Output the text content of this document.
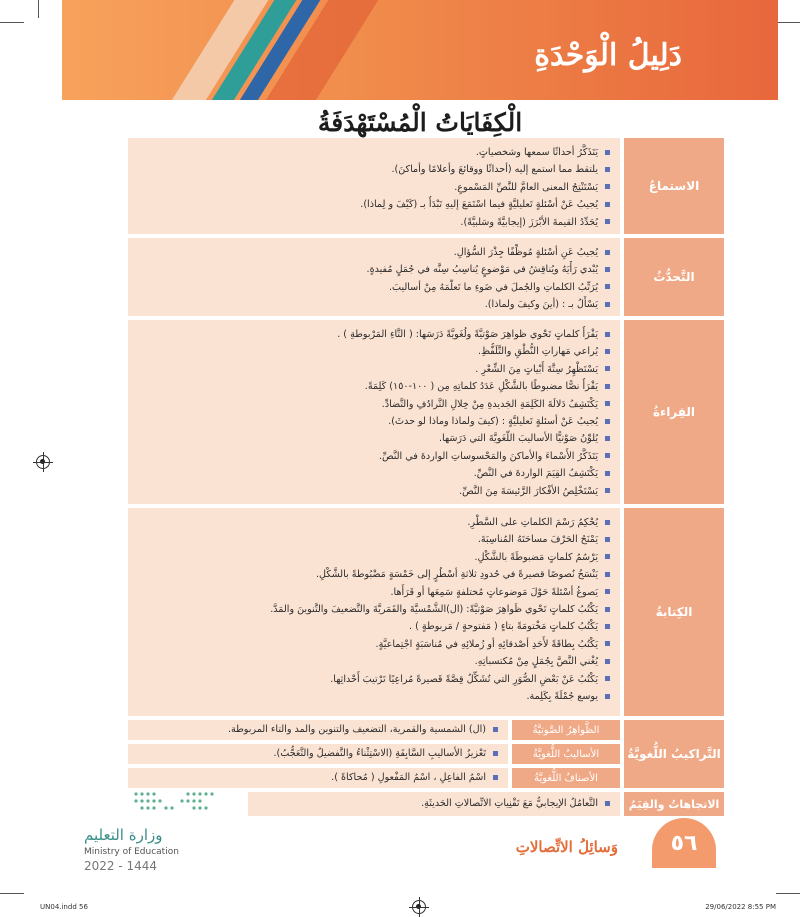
دَلِيلُ الْوَحْدَةِ
الْكِفَايَاتُ الْمُسْتَهْدَفَةُ
الاستماعُ
يَتَذَكَّرُ أحداثًا سمعها وشخصياتٍ.
يلتقط مما استمع إليه (أحداثًا ووقائعَ وأعلامًا وأماكنَ).
يَسْتَنْتِجُ المعنى العامَّ للنَّصِّ المَسْموعِ.
يُجيبُ عَنْ أسْئلةٍ تَعليليَّةٍ فيما اسْتَمَعَ إليهِ تَبْدَأُ بـ (كَيْفَ و لِماذا).
يُحَدِّدُ القيمةَ الأبْرَزَ (إيجابيَّةً وسَلبيَّةً).
التَّحدُّثُ
يُجيبُ عَنِ أسْئلةٍ مُوظِّفًا جِذْرَ السُّؤالِ.
يُبْدي رَأْيَهُ ويُناقِشُ في مَوْضوعٍ يُناسِبُ سِنَّه في جُمَلٍ مُفيدةٍ.
يُرَتِّبُ الكلماتِ والجُملَ في ضَوءِ ما تَعلَّمَهُ مِنْ أساليبَ.
يَسْأَلُ بـ : (أينَ وكيفَ ولماذا).
القِراءةُ
يَقْرَأُ كلماتٍ تَحْوي ظواهِرَ صَوْتيَّةً ولُغَويَّةً دَرَسَها: ( التَّاءِ المَرْبوطةِ ) .
يُراعي مَهاراتِ النُّطْقِ والتَّلَفُّظِ.
يَسْتَظْهِرُ سِتَّةَ أَبْياتٍ مِنَ الشِّعْرِ .
يَقْرَأُ نصًّا مضبوطًا بالشَّكْلِ عَدَدُ كلماتِهِ مِن ( ١٠٠-١٥٠) كَلِمَةً.
يَكْتَشِفُ دَلالَةَ الكَلِمَةِ الجَديدةِ مِنْ خِلالِ التَّرادُفِ والتَّضادِّ.
يُجيبُ عَنْ أسئلةٍ تَعليليَّةٍ : (كيفَ ولماذا وماذا لو حدثَ).
يُلوِّنُ صَوْتيًّا الأساليبَ اللُّغَويَّةَ التي دَرَسَها.
يَتَذَكَّرُ الأَسْماءَ والأماكنَ والمَحْسوساتِ الواردةَ في النَّصِّ.
يَكْتَشِفُ القِيَمَ الواردةَ في النَّصِّ.
يَسْتَخْلِصُ الأفْكارَ الرَّئيسَةَ مِنَ النَّصِّ.
الكِتابةُ
يُحْكِمُ رَسْمَ الكلماتِ على السَّطْرِ.
يَمْنَحُ الحَرْفَ مساحَتَهُ المُناسِبَةَ.
يَرْسُمُ كلماتٍ مَضبوطَةً بالشَّكْلِ.
يَنْسَخُ نُصوصًا قصيرةً في حُدودِ ثلاثةِ أسْطُرٍ إلى خَمْسَةٍ مَضْبُوطةً بالشَّكْلِ.
يَصوغُ أسْئلةً حَوْلَ مَوضوعاتٍ مُختلفةٍ سَمِعَها أو قَرَأَها.
يَكْتُبُ كلماتٍ تَحْوي ظَواهِرَ صَوْتيَّةً: (ال)الشَّمْسيَّةَ والقَمَريَّةَ والتَّضعيفَ والتَّنوينَ والمَدَّ.
يَكْتُبُ كلماتٍ مَخْتومَةً بتاءٍ ( مَفتوحةٍ / مَربوطةٍ ) .
يَكْتُبُ بِطاقَةً لأَحَدِ أصْدقائِهِ أو زُملائِهِ في مُناسَبَةٍ اجْتِماعيَّةٍ.
يُغْني النَّصَّ بِجُمَلٍ مِنْ مُكتسباتِهِ.
يَكْتُبُ عَنْ بَعْضِ الصُّوَرِ التي تُشَكِّلُ قِصَّةً قَصيرةً مُراعِيًا تَرْتيبَ أَحْداثِها.
يوسع جُمْلَةً بِكَلِمة.
التَّراكيبُ اللُّغويَّةُ
الظَّواهِرُ الصَّوتيَّةُ
(ال) الشمسية والقمرية، التضعيف والتنوين والمد والتاء المربوطة.
الأساليبُ اللُّغويَّةُ
تَعْزيزُ الأساليبِ السَّابِقَةِ (الاسْتِثْناءُ والتَّفضيلُ والتَّعَجُّبُ).
الأصنافُ اللُّغويَّةُ
اسْمُ الفاعِلِ ، اسْمُ المَفْعولِ ( مُحاكاةً ).
الاتجاهاتُ والقِيَمُ
التَّعامُلُ الإيجابيُّ مَعَ تَقْنِياتِ الاتِّصالاتِ الحَديثَةِ.
وزارة التعليم
Ministry of Education
2022 - 1444
وَسائِلُ الاتِّصالاتِ	٥٦
UN04.indd 56	29/06/2022 8:55 PM
